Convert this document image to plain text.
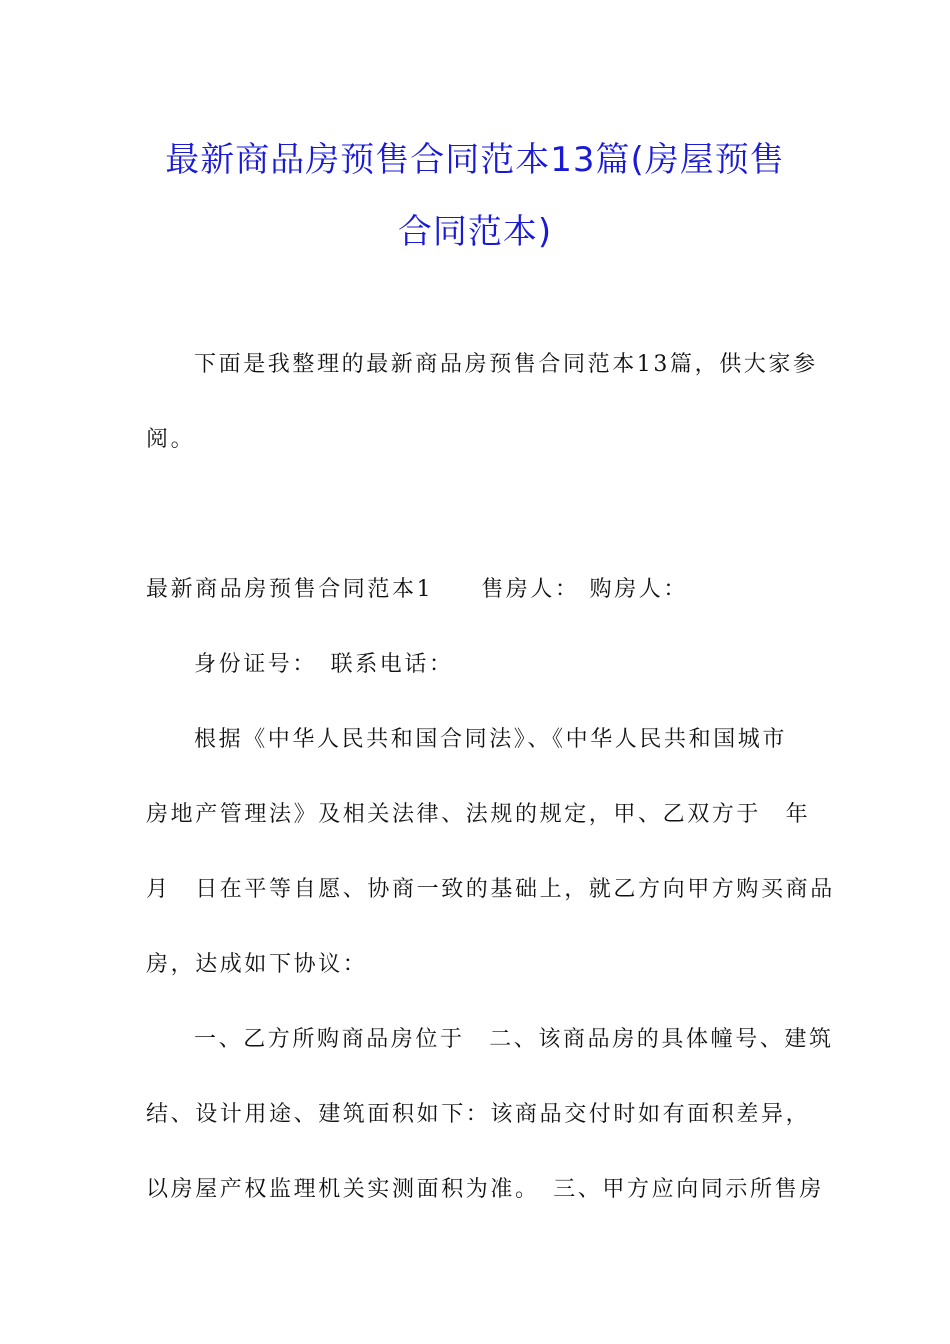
最新商品房预售合同范本13篇(房屋预售
合同范本)
下面是我整理的最新商品房预售合同范本13篇，供大家参
阅。
最新商品房预售合同范本1 售房人： 购房人：
身份证号：　联系电话：
根据《中华人民共和国合同法》、《中华人民共和国城市
房地产管理法》及相关法律、法规的规定，甲、乙双方于　年
月　日在平等自愿、协商一致的基础上，就乙方向甲方购买商品
房，达成如下协议：
一、乙方所购商品房位于　二、该商品房的具体幢号、建筑
结、设计用途、建筑面积如下：该商品交付时如有面积差异，
以房屋产权监理机关实测面积为准。　三、甲方应向同示所售房
